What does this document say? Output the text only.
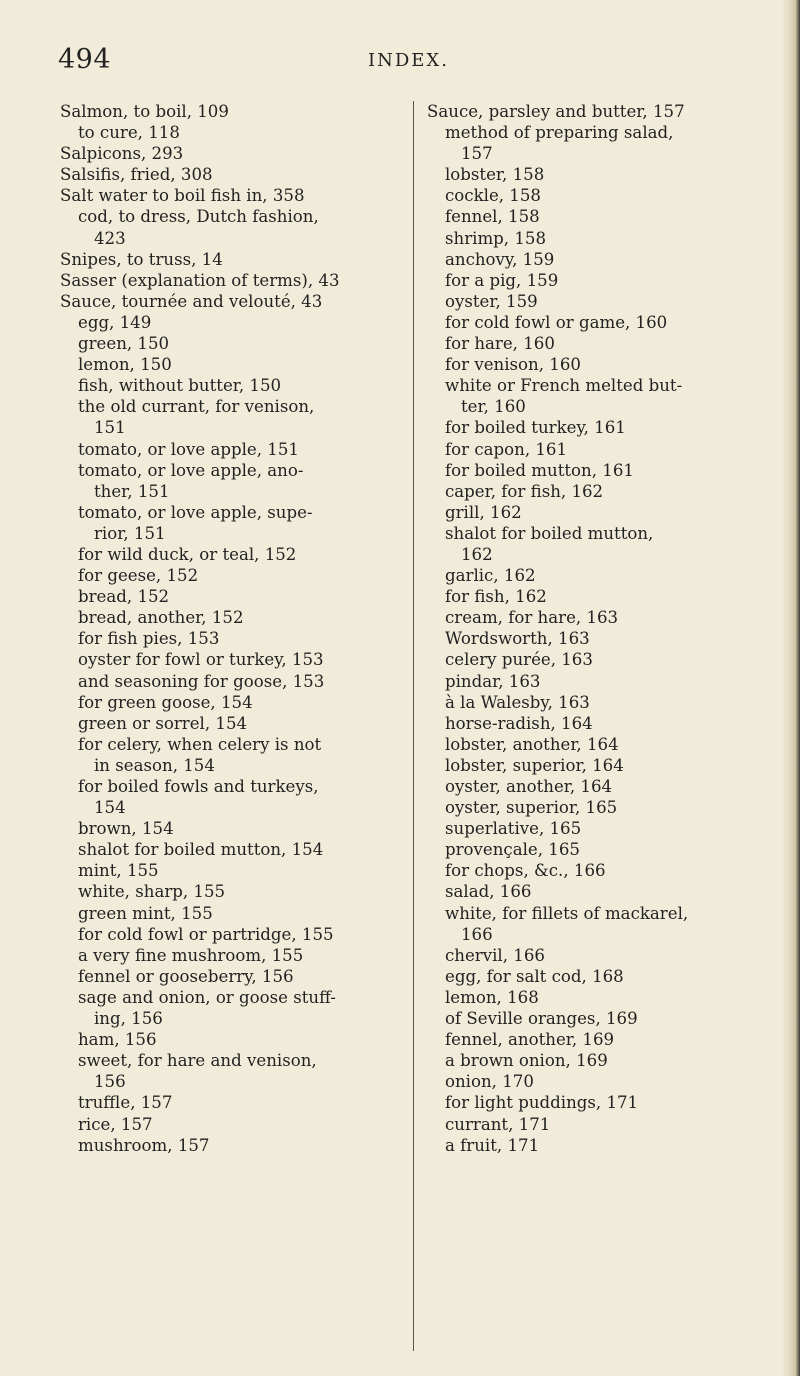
494	INDEX.
Salmon, to boil, 109
to cure, 118
Salpicons, 293
Salsifis, fried, 308
Salt water to boil fish in, 358
cod, to dress, Dutch fashion,
423
Snipes, to truss, 14
Sasser (explanation of terms), 43
Sauce, tournée and velouté, 43
egg, 149
green, 150
lemon, 150
fish, without butter, 150
the old currant, for venison,
151
tomato, or love apple, 151
tomato, or love apple, ano-
ther, 151
tomato, or love apple, supe-
rior, 151
for wild duck, or teal, 152
for geese, 152
bread, 152
bread, another, 152
for fish pies, 153
oyster for fowl or turkey, 153
and seasoning for goose, 153
for green goose, 154
green or sorrel, 154
for celery, when celery is not
in season, 154
for boiled fowls and turkeys,
154
brown, 154
shalot for boiled mutton, 154
mint, 155
white, sharp, 155
green mint, 155
for cold fowl or partridge, 155
a very fine mushroom, 155
fennel or gooseberry, 156
sage and onion, or goose stuff-
ing, 156
ham, 156
sweet, for hare and venison,
156
truffle, 157
rice, 157
mushroom, 157
Sauce, parsley and butter, 157
method of preparing salad,
157
lobster, 158
cockle, 158
fennel, 158
shrimp, 158
anchovy, 159
for a pig, 159
oyster, 159
for cold fowl or game, 160
for hare, 160
for venison, 160
white or French melted but-
ter, 160
for boiled turkey, 161
for capon, 161
for boiled mutton, 161
caper, for fish, 162
grill, 162
shalot for boiled mutton,
162
garlic, 162
for fish, 162
cream, for hare, 163
Wordsworth, 163
celery purée, 163
pindar, 163
à la Walesby, 163
horse-radish, 164
lobster, another, 164
lobster, superior, 164
oyster, another, 164
oyster, superior, 165
superlative, 165
provençale, 165
for chops, &c., 166
salad, 166
white, for fillets of mackarel,
166
chervil, 166
egg, for salt cod, 168
lemon, 168
of Seville oranges, 169
fennel, another, 169
a brown onion, 169
onion, 170
for light puddings, 171
currant, 171
a fruit, 171
